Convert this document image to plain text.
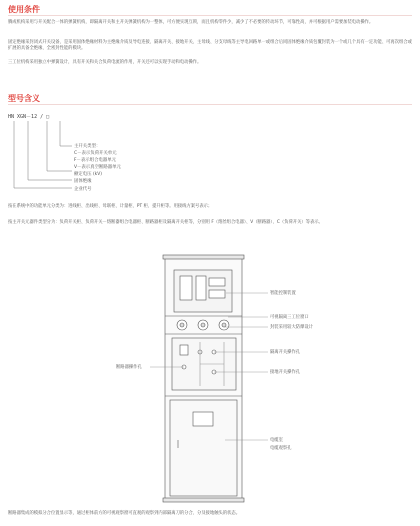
使用条件
腾成机构采用与开关配合一体的弹簧机构，即隔离开关和主开关弹簧机构为一整体，可方便实现互锁，而且机构零件少，减少了不必要的传动环节，可靠性高，并可根据用户需要加装电动操作。
固定绝缘采封闭式开关设备，是采用固体绝缘材料为主绝缘介质及导电连接、隔离开关、接地开关、主母线、分支母线等主导电回路单一或组合后同固体绝缘介质包覆封装为一个或几个具有一定功能、可再次组合或扩展的具备全绝缘、全密封性能的模块。
三工位机构采用独立中弹簧设计，具有开关和关合负荷电流的作用，开关还可以实现手动和电动操作。
型号含义
HN XGN－12 / □
主开关类型：
C－表示负荷开关单元
F－表示组合电器单元
V－表示真空断路器单元
额定电压 (kV)
固体绝缘
企业代号
按在系统中的功能单元分类为：进线柜、出线柜、母联柜、计量柜、PT 柜、提升柜等。用接线方案号表示；
按主开关元器件类型分为：负荷开关柜、负荷开关－熔断器组合电器柜、断路器柜及隔离开关柜等，分别用 F（熔丝组合电器）、V（断路器）、C（负荷开关）等表示。
智能控制装置
可视隔离三工位窗口
封装采用较大防爆设计
隔离开关操作孔
接地开关操作孔
断路器操作孔
电缆室
电缆观察孔
断路器集成的模拟分合位置显示等，通过柜体前方的可视观察窗可直观的观察到内部隔离刀的分合、分及接地触头的状态。
